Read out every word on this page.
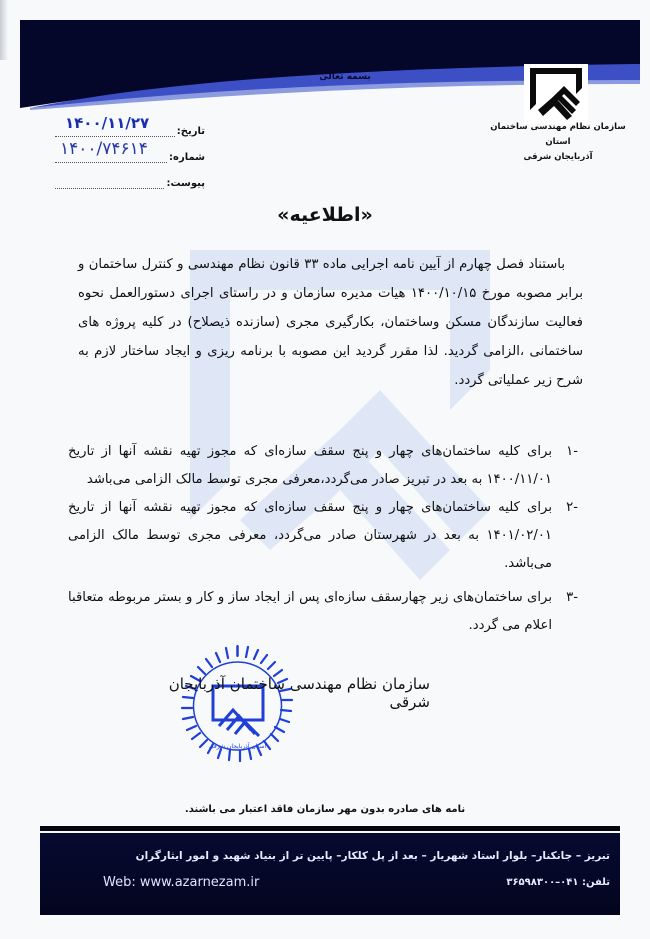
بسمه تعالی
سازمان نظام مهندسی ساختمان استان
آذربایجان شرقی
تاریخ:
۱۴۰۰/۱۱/۲۷
شماره:
۱۴۰۰/۷۴۶۱۴
پیوست:
«اطلاعیه»

باستناد فصل چهارم از آیین نامه اجرایی ماده ۳۳ قانون نظام مهندسی و کنترل ساختمان و برابر مصوبه مورخ ۱۴۰۰/۱۰/۱۵ هیات مدیره سازمان و در راستای اجرای دستورالعمل نحوه فعالیت سازندگان مسکن وساختمان، بکارگیری مجری (سازنده ذیصلاح) در کلیه پروژه های ساختمانی ،الزامی گردید. لذا مقرر گردید این مصوبه با برنامه ریزی و ایجاد ساختار لازم به شرح زیر عملیاتی گردد.

-۱
برای کلیه ساختمان‌های چهار و پنج سقف سازه‌ای که مجوز تهیه نقشه آنها از تاریخ ۱۴۰۰/۱۱/۰۱ به بعد در تبریز صادر می‌گردد،معرفی مجری توسط مالک الزامی می‌باشد
-۲
برای کلیه ساختمان‌های چهار و پنج سقف سازه‌ای که مجوز تهیه نقشه آنها از تاریخ ۱۴۰۱/۰۲/۰۱ به بعد در شهرستان صادر می‌گردد، معرفی مجری توسط مالک الزامی می‌باشد.
-۳
برای ساختمان‌های زیر چهارسقف سازه‌ای پس از ایجاد ساز و کار و بستر مربوطه متعاقبا اعلام می گردد.
استان آذربایجان شرقی
سازمان نظام مهندسی ساختمان آذربایجان شرقی
نامه های صادره بدون مهر سازمان فاقد اعتبار می باشند.
تبریز – جانکنار– بلوار استاد شهریار – بعد از پل کلکار– پایین تر از بنیاد شهید و امور ایثارگران
تلفن: ۰۴۱–۳۶۵۹۸۳۰۰
Web: www.azarnezam.ir
